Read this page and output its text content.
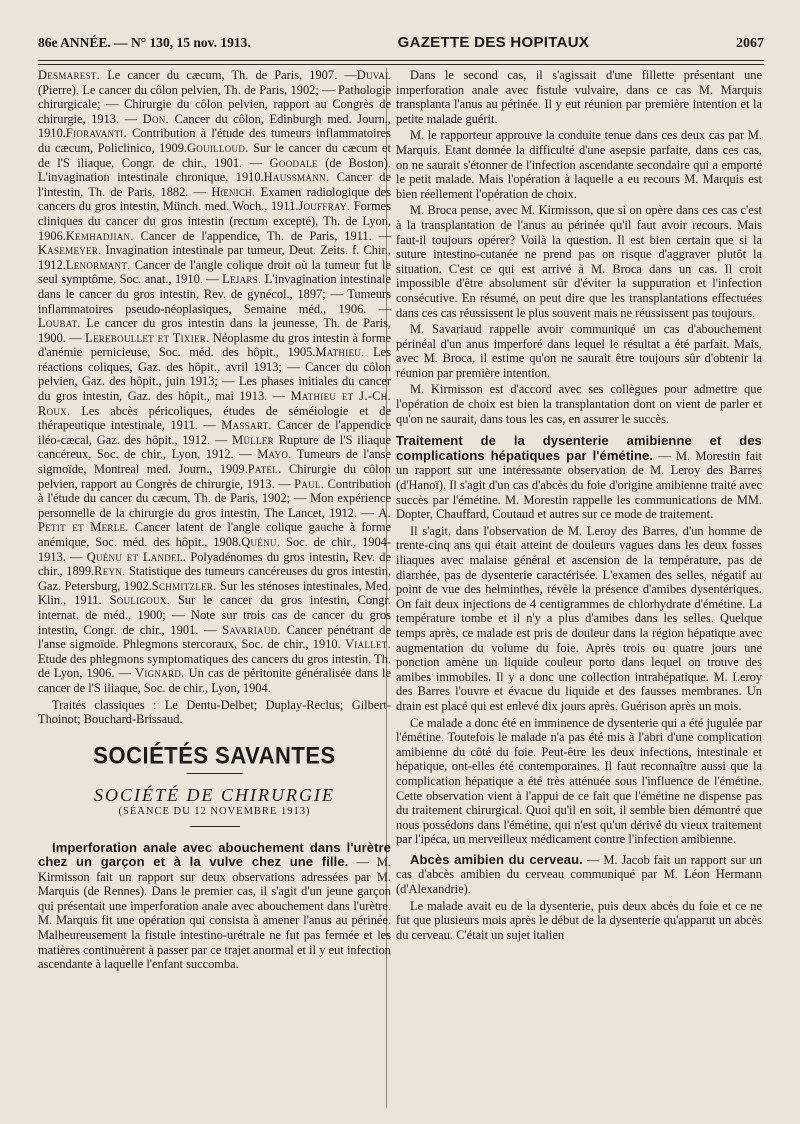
86e ANNÉE. — N° 130, 15 nov. 1913.	GAZETTE DES HOPITAUX	2067
Desmarest. Le cancer du cæcum, Th. de Paris, 1907. —Duval (Pierre). Le cancer du côlon pelvien, Th. de Paris, 1902; — Pathologie chirurgicale; — Chirurgie du côlon pelvien, rapport au Congrès de chirurgie, 1913. — Don. Cancer du côlon, Edinburgh med. Journ., 1910.Fioravanti. Contribution à l'étude des tumeurs inflammatoires du cæcum, Policlinico, 1909.Gouilloud. Sur le cancer du cæcum et de l'S iliaque, Congr. de chir., 1901. — Goodale (de Boston). L'invagination intestinale chronique, 1910.Haussmann. Cancer de l'intestin, Th. de Paris, 1882. — Hœnich. Examen radiologique des cancers du gros intestin, Münch. med. Woch., 1911.Jouffray. Formes cliniques du cancer du gros intestin (rectum excepté), Th. de Lyon, 1906.Kemhadjian. Cancer de l'appendice, Th. de Paris, 1911. — Kasemeyer. Invagination intestinale par tumeur, Deut. Zeits. f. Chir., 1912.Lenormant. Cancer de l'angle colique droit où la tumeur fut le seul symptôme, Soc. anat., 1910. — Lejars. L'invagination intestinale dans le cancer du gros intestin, Rev. de gynécol., 1897; — Tumeurs inflammatoires pseudo-néoplasiques, Semaine méd., 1906. — Loubat. Le cancer du gros intestin dans la jeunesse, Th. de Paris, 1900. — Lereboullet et Tixier. Néoplasme du gros intestin à forme d'anémie pernicieuse, Soc. méd. des hôpit., 1905.Mathieu. Les réactions coliques, Gaz. des hôpit., avril 1913; — Cancer du côlon pelvien, Gaz. des hôpit., juin 1913; — Les phases initiales du cancer du gros intestin, Gaz. des hôpit., mai 1913. — Mathieu et J.-Ch. Roux. Les abcès péricoliques, études de séméiologie et de thérapeutique intestinale, 1911. — Massart. Cancer de l'appendice iléo-cæcal, Gaz. des hôpit., 1912. — Müller Rupture de l'S iliaque cancéreux, Soc. de chir., Lyon, 1912. — Mayo. Tumeurs de l'anse sigmoïde, Montreal med. Journ., 1909.Patel. Chirurgie du côlon pelvien, rapport au Congrès de chirurgie, 1913. — Paul. Contribution à l'étude du cancer du cæcum, Th. de Paris, 1902; — Mon expérience personnelle de la chirurgie du gros intestin, The Lancet, 1912. — A. Petit et Merle. Cancer latent de l'angle colique gauche à forme anémique, Soc. méd. des hôpit., 1908.Quénu. Soc. de chir., 1904-1913. — Quénu et Landel. Polyadénomes du gros intestin, Rev. de chir., 1899.Reyn. Statistique des tumeurs cancéreuses du gros intestin, Gaz. Petersburg, 1902.Schmitzler. Sur les sténoses intestinales, Med. Klin., 1911. Souligoux. Sur le cancer du gros intestin, Congr. internat. de méd., 1900; — Note sur trois cas de cancer du gros intestin, Congr. de chir., 1901. — Savariaud. Cancer pénétrant de l'anse sigmoïde. Phlegmons stercoraux, Soc. de chir., 1910. Viallet. Etude des phlegmons symptomatiques des cancers du gros intestin, Th. de Lyon, 1906. — Vignard. Un cas de péritonite généralisée dans le cancer de l'S iliaque, Soc. de chir., Lyon, 1904.
Traités classiques : Le Dentu-Delbet; Duplay-Reclus; Gilbert-Thoinot; Bouchard-Brissaud.
SOCIÉTÉS SAVANTES
SOCIÉTÉ DE CHIRURGIE
(SÉANCE DU 12 NOVEMBRE 1913)

Imperforation anale avec abouchement dans l'urètre chez un garçon et à la vulve chez une fille. — M. Kirmisson fait un rapport sur deux observations adressées par M. Marquis (de Rennes). Dans le premier cas, il s'agit d'un jeune garçon qui présentait une imperforation anale avec abouchement dans l'urètre. M. Marquis fit une opération qui consista à amener l'anus au périnée. Malheureusement la fistule intestino-urétrale ne fut pas fermée et les matières continuèrent à passer par ce trajet anormal et il y eut infection ascendante à laquelle l'enfant succomba.

Dans le second cas, il s'agissait d'une fillette présentant une imperforation anale avec fistule vulvaire, dans ce cas M. Marquis transplanta l'anus au périnée. Il y eut réunion par première intention et la petite malade guérit.

M. le rapporteur approuve la conduite tenue dans ces deux cas par M. Marquis. Etant donnée la difficulté d'une asepsie parfaite, dans ces cas, on ne saurait s'étonner de l'infection ascendante secondaire qui a emporté le petit malade. Mais l'opération à laquelle a eu recours M. Marquis est bien réellement l'opération de choix.

M. Broca pense, avec M. Kirmisson, que si on opère dans ces cas c'est à la transplantation de l'anus au périnée qu'il faut avoir recours. Mais faut-il toujours opérer? Voilà la question. Il est bien certain que si la suture intestino-cutanée ne prend pas on risque d'aggraver plutôt la situation. C'est ce qui est arrivé à M. Broca dans un cas. Il croit impossible d'être absolument sûr d'éviter la suppuration et l'infection consécutive. En résumé, on peut dire que les transplantations effectuées dans ces cas réussissent le plus souvent mais ne réussissent pas toujours.

M. Savariaud rappelle avoir communiqué un cas d'abouchement périnéal d'un anus imperforé dans lequel le résultat a été parfait. Mais, avec M. Broca, il estime qu'on ne saurait être toujours sûr d'obtenir la réunion par première intention.

M. Kirmisson est d'accord avec ses collègues pour admettre que l'opération de choix est bien la transplantation dont on vient de parler et qu'on ne saurait, dans tous les cas, en assurer le succès.

Traitement de la dysenterie amibienne et des complications hépatiques par l'émétine. — M. Morestin fait un rapport sur une intéressante observation de M. Leroy des Barres (d'Hanoï). Il s'agit d'un cas d'abcès du foie d'origine amibienne traité avec succès par l'émétine. M. Morestin rappelle les communications de MM. Dopter, Chauffard, Coutaud et autres sur ce mode de traitement.

Il s'agit, dans l'observation de M. Leroy des Barres, d'un homme de trente-cinq ans qui était atteint de douleurs vagues dans les deux fosses iliaques avec malaise général et ascension de la température, pas de diarrhée, pas de dysenterie caractérisée. L'examen des selles, négatif au point de vue des helminthes, révèle la présence d'amibes dysentériques. On fait deux injections de 4 centigrammes de chlorhydrate d'émétine. La température tombe et il n'y a plus d'amibes dans les selles. Quelque temps après, ce malade est pris de douleur dans la région hépatique avec augmentation du volume du foie. Après trois ou quatre jours une ponction amène un liquide couleur porto dans lequel on trouve des amibes immobiles. Il y a donc une collection intrahépatique. M. Leroy des Barres l'ouvre et évacue du liquide et des fausses membranes. Un drain est placé qui est enlevé dix jours après. Guérison après un mois.

Ce malade a donc été en imminence de dysenterie qui a été jugulée par l'émétine. Toutefois le malade n'a pas été mis à l'abri d'une complication amibienne du côté du foie. Peut-être les deux infections, intestinale et hépatique, ont-elles été contemporaines. Il faut reconnaître aussi que la complication hépatique a été très atténuée sous l'influence de l'émétine. Cette observation vient à l'appui de ce fait que l'émétine ne dispense pas du traitement chirurgical. Quoi qu'il en soit, il semble bien démontré que nous possédons dans l'émétine, qui n'est qu'un dérivé du vieux traitement par l'ipéca, un merveilleux médicament contre l'infection amibienne.

Abcès amibien du cerveau. — M. Jacob fait un rapport sur un cas d'abcès amibien du cerveau communiqué par M. Léon Hermann (d'Alexandrie).

Le malade avait eu de la dysenterie, puis deux abcès du foie et ce ne fut que plusieurs mois après le début de la dysenterie qu'apparut un abcès du cerveau. C'était un sujet italien
